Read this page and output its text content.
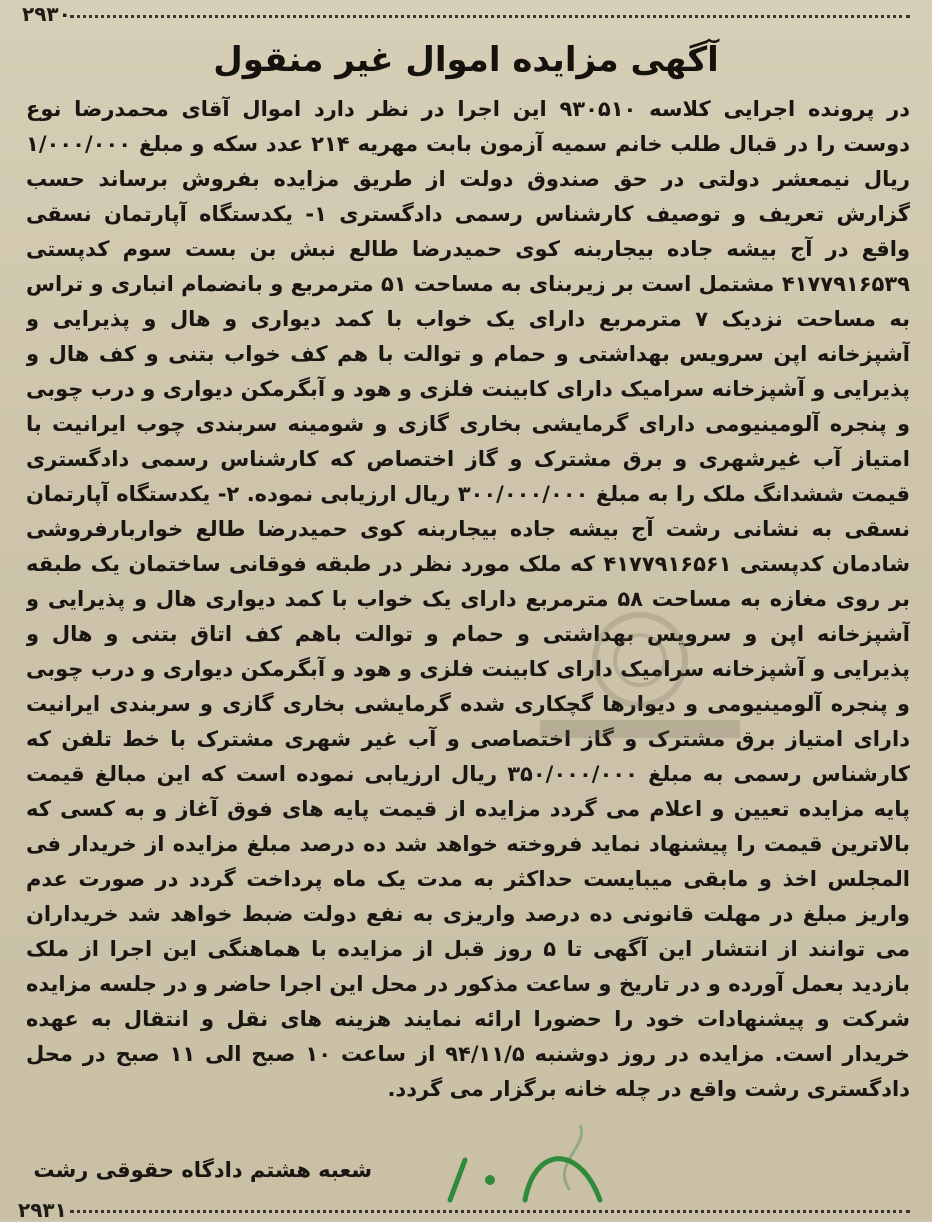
۲۹۳۰
آگهی مزایده اموال غیر منقول

در پرونده اجرایی کلاسه ۹۳۰۵۱۰ این اجرا در نظر دارد اموال آقای محمدرضا نوع دوست را در قبال طلب خانم سمیه آزمون بابت مهریه ۲۱۴ عدد سکه و مبلغ ۱/۰۰۰/۰۰۰ ریال نیمعشر دولتی در حق صندوق دولت از طریق مزایده بفروش برساند حسب گزارش تعریف و توصیف کارشناس رسمی دادگستری ۱- یکدستگاه آپارتمان نسقی واقع در آج بیشه جاده بیجاربنه کوی حمیدرضا طالع نبش بن بست سوم کدپستی ۴۱۷۷۹۱۶۵۳۹ مشتمل است بر زیربنای به مساحت ۵۱ مترمربع و بانضمام انباری و تراس به مساحت نزدیک ۷ مترمربع دارای یک خواب با کمد دیواری و هال و پذیرایی و آشپزخانه اپن سرویس بهداشتی و حمام و توالت با هم کف خواب بتنی و کف هال و پذیرایی و آشپزخانه سرامیک دارای کابینت فلزی و هود و آبگرمکن دیواری و درب چوبی و پنجره آلومینیومی دارای گرمایشی بخاری گازی و شومینه سربندی چوب ایرانیت با امتیاز آب غیرشهری و برق مشترک و گاز اختصاص که کارشناس رسمی دادگستری قیمت ششدانگ ملک را به مبلغ ۳۰۰/۰۰۰/۰۰۰ ریال ارزیابی نموده. ۲- یکدستگاه آپارتمان نسقی به نشانی رشت آج بیشه جاده بیجاربنه کوی حمیدرضا طالع خواربارفروشی شادمان کدپستی ۴۱۷۷۹۱۶۵۶۱ که ملک مورد نظر در طبقه فوقانی ساختمان یک طبقه بر روی مغازه به مساحت ۵۸ مترمربع دارای یک خواب با کمد دیواری هال و پذیرایی و آشپزخانه اپن و سرویس بهداشتی و حمام و توالت باهم کف اتاق بتنی و هال و پذیرایی و آشپزخانه سرامیک دارای کابینت فلزی و هود و آبگرمکن دیواری و درب چوبی و پنجره آلومینیومی و دیوارها گچکاری شده گرمایشی بخاری گازی و سربندی ایرانیت دارای امتیاز برق مشترک و گاز اختصاصی و آب غیر شهری مشترک با خط تلفن که کارشناس رسمی به مبلغ ۳۵۰/۰۰۰/۰۰۰ ریال ارزیابی نموده است که این مبالغ قیمت پایه مزایده تعیین و اعلام می گردد مزایده از قیمت پایه های فوق آغاز و به کسی که بالاترین قیمت را پیشنهاد نماید فروخته خواهد شد ده درصد مبلغ مزایده از خریدار فی المجلس اخذ و مابقی میبایست حداکثر به مدت یک ماه پرداخت گردد در صورت عدم واریز مبلغ در مهلت قانونی ده درصد واریزی به نفع دولت ضبط خواهد شد خریداران می توانند از انتشار این آگهی تا ۵ روز قبل از مزایده با هماهنگی این اجرا از ملک بازدید بعمل آورده و در تاریخ و ساعت مذکور در محل این اجرا حاضر و در جلسه مزایده شرکت و پیشنهادات خود را حضورا ارائه نمایند هزینه های نقل و انتقال به عهده خریدار است. مزایده در روز دوشنبه ۹۴/۱۱/۵ از ساعت ۱۰ صبح الی ۱۱ صبح در محل دادگستری رشت واقع در چله خانه برگزار می گردد.

شعبه هشتم دادگاه حقوقی رشت
۲۹۳۱
